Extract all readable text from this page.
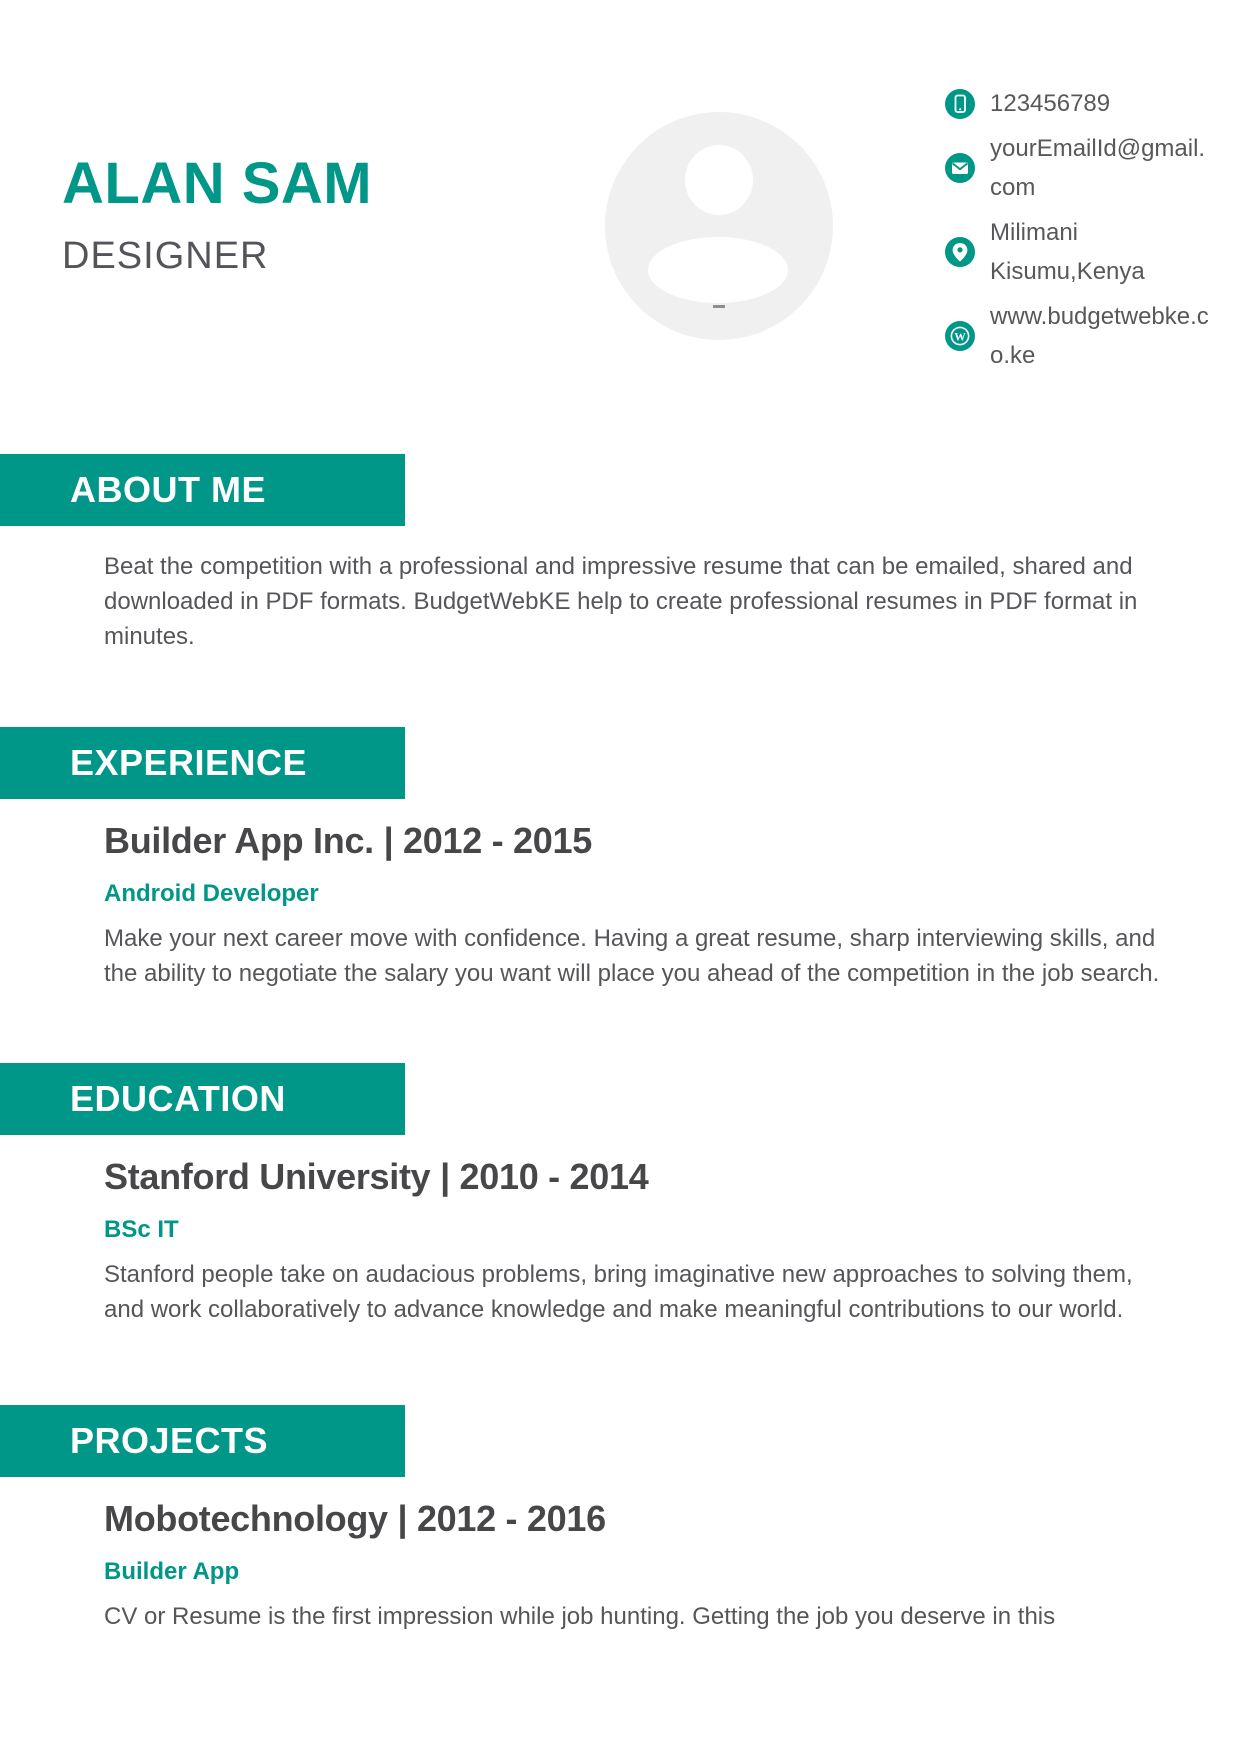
ALAN SAM
DESIGNER
123456789
yourEmailId@gmail.com
Milimani Kisumu,Kenya
W
www.budgetwebke.co.ke
ABOUT ME

Beat the competition with a professional and impressive resume that can be emailed, shared and downloaded in PDF formats. BudgetWebKE help to create professional resumes in PDF format in minutes.

EXPERIENCE
Builder App Inc. | 2012 - 2015
Android Developer

Make your next career move with confidence. Having a great resume, sharp interviewing skills, and the ability to negotiate the salary you want will place you ahead of the competition in the job search.

EDUCATION
Stanford University | 2010 - 2014
BSc IT

Stanford people take on audacious problems, bring imaginative new approaches to solving them, and work collaboratively to advance knowledge and make meaningful contributions to our world.

PROJECTS
Mobotechnology | 2012 - 2016
Builder App

CV or Resume is the first impression while job hunting. Getting the job you deserve in this
